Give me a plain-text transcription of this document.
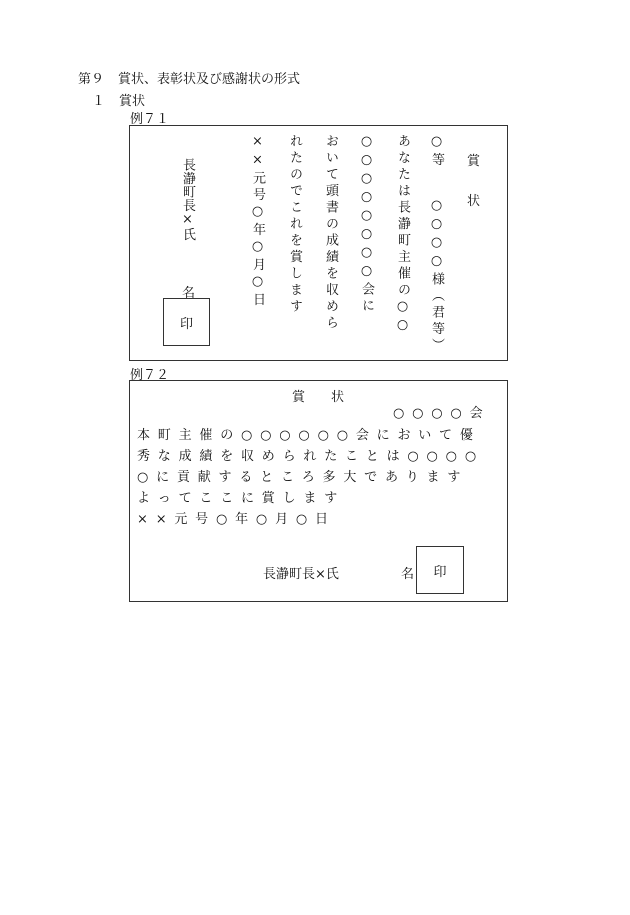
第９ 賞状、表彰状及び感謝状の形式
１ 賞状
例７１
賞
状
○等
○○○○様（君等）
あなたは長瀞町主催の○○
○○○○○○○○会に
おいて頭書の成績を収めら
れたのでこれを賞します
××元号○年○月○日
長瀞町長×氏
名
印
例７２
賞　　状
○○○○会
本町主催の○○○○○○会において優
秀な成績を収められたことは○○○○
○に貢献するところ多大であります
よってここに賞します
××元号○年○月○日
長瀞町長×氏	名 印
